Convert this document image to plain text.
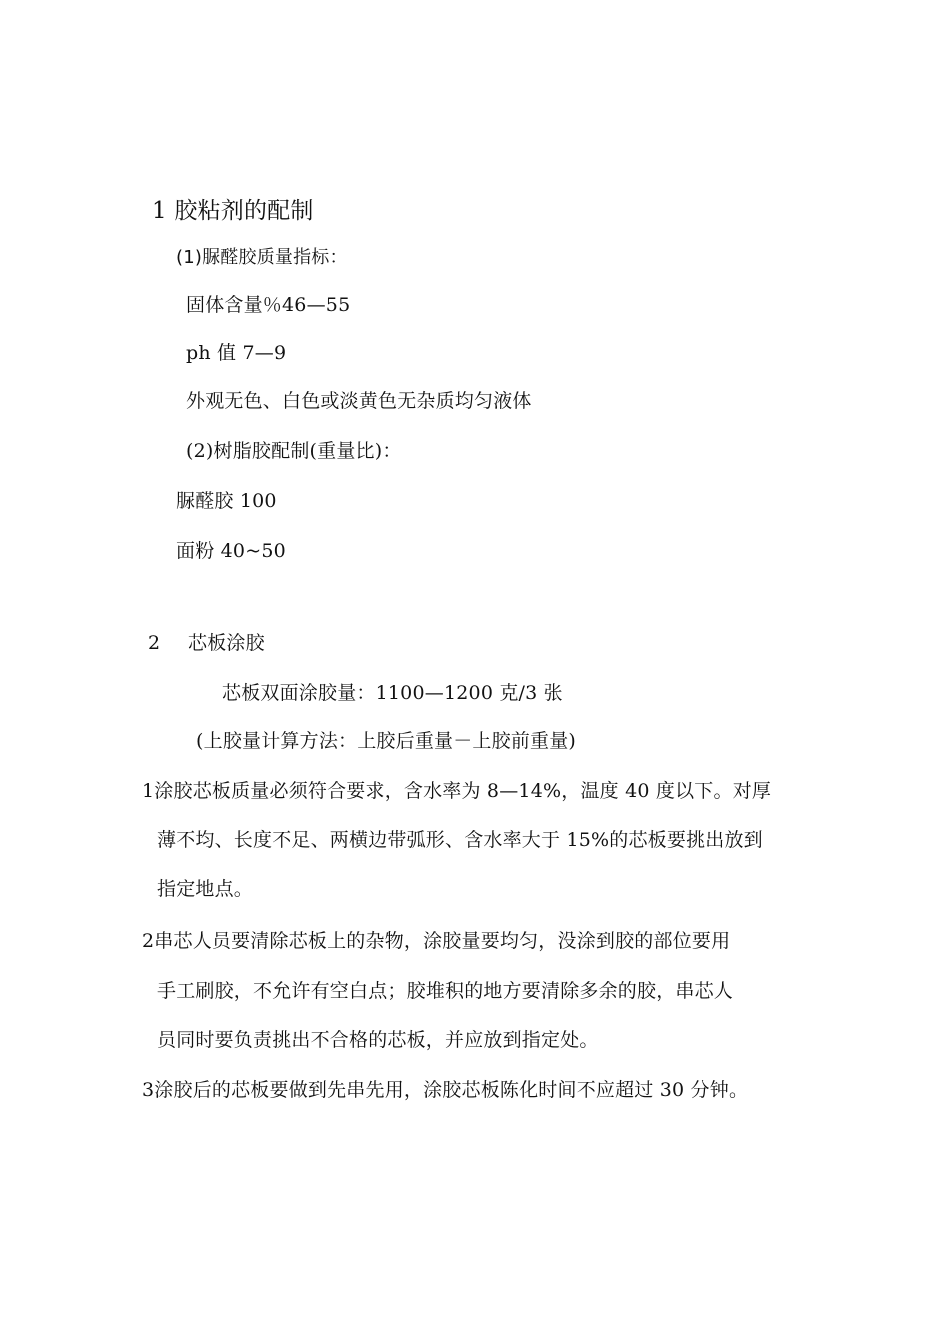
1 胶粘剂的配制
(1)脲醛胶质量指标：
固体含量％46—55
ph 值 7—9
外观无色、白色或淡黄色无杂质均匀液体
(2)树脂胶配制(重量比)：
脲醛胶 100
面粉 40~50
2 芯板涂胶
芯板双面涂胶量：1100—1200 克/3 张
(上胶量计算方法：上胶后重量－上胶前重量)
1涂胶芯板质量必须符合要求，含水率为 8—14%，温度 40 度以下。对厚
薄不均、长度不足、两横边带弧形、含水率大于 15%的芯板要挑出放到
指定地点。
2串芯人员要清除芯板上的杂物，涂胶量要均匀，没涂到胶的部位要用
手工刷胶，不允许有空白点；胶堆积的地方要清除多余的胶，串芯人
员同时要负责挑出不合格的芯板，并应放到指定处。
3涂胶后的芯板要做到先串先用，涂胶芯板陈化时间不应超过 30 分钟。
